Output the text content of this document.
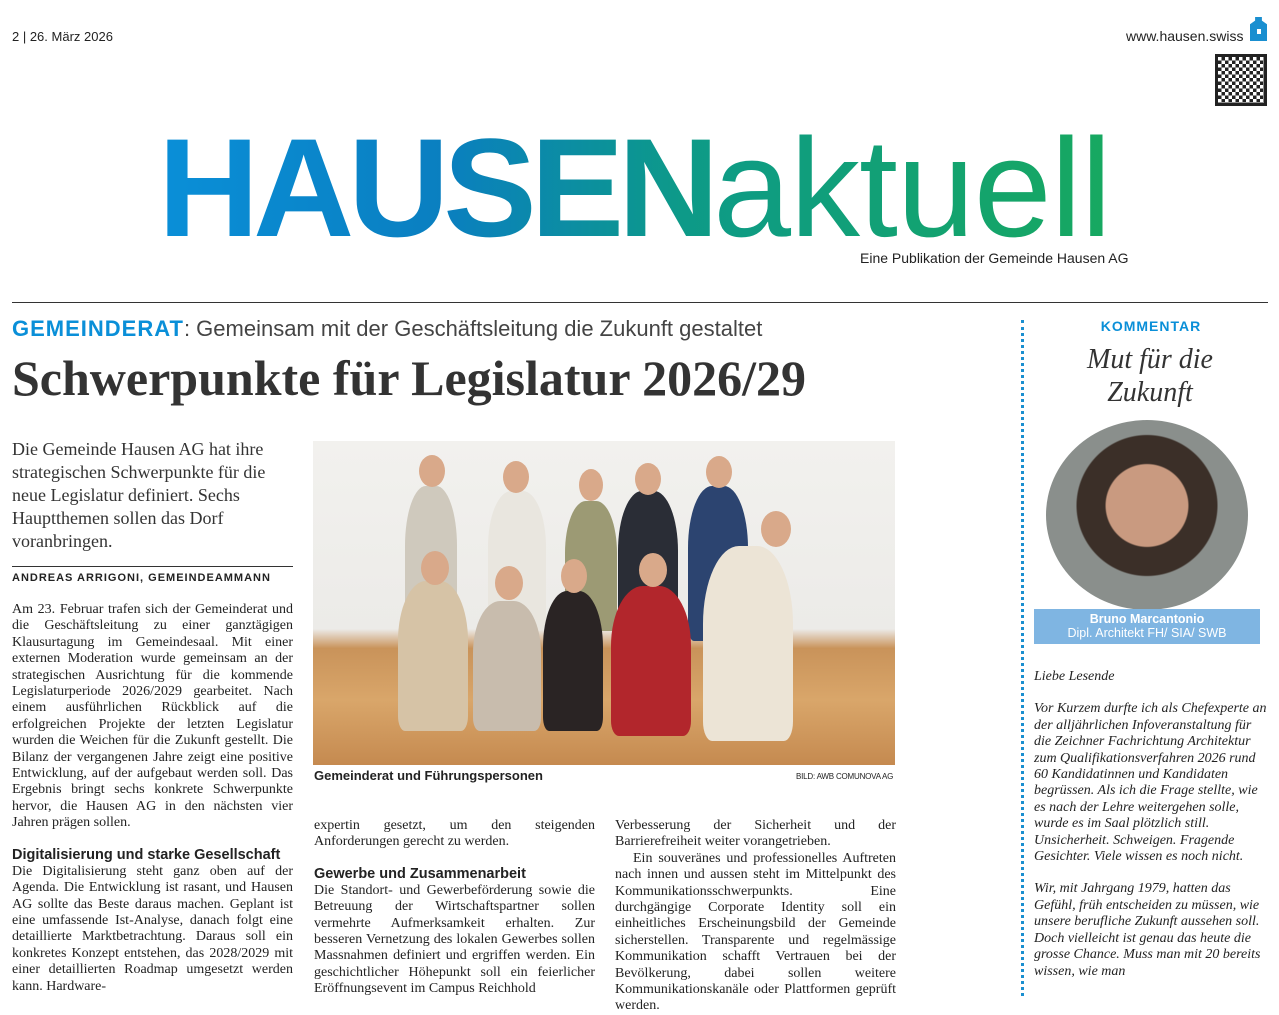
2 | 26. März 2026	www.hausen.swiss
HAUSENaktuell
Eine Publikation der Gemeinde Hausen AG
GEMEINDERAT: Gemeinsam mit der Geschäftsleitung die Zukunft gestaltet
Schwerpunkte für Legislatur 2026/29

Die Gemeinde Hausen AG hat ihre strategischen Schwerpunkte für die neue Legislatur definiert. Sechs Hauptthemen sollen das Dorf voranbringen.

ANDREAS ARRIGONI, GEMEINDEAMMANN
Gemeinderat und Führungspersonen	BILD: AWB COMUNOVA AG

Am 23. Februar trafen sich der Gemeinderat und die Geschäftsleitung zu einer ganztägigen Klausurtagung im Gemeindesaal. Mit einer externen Moderation wurde gemeinsam an der strategischen Ausrichtung für die kommende Legislaturperiode 2026/2029 gearbeitet. Nach einem ausführlichen Rückblick auf die erfolgreichen Projekte der letzten Legislatur wurden die Weichen für die Zukunft gestellt. Die Bilanz der vergangenen Jahre zeigt eine positive Entwicklung, auf der aufgebaut werden soll. Das Ergebnis bringt sechs konkrete Schwerpunkte hervor, die Hausen AG in den nächsten vier Jahren prägen sollen.

Digitalisierung und starke Gesellschaft

Die Digitalisierung steht ganz oben auf der Agenda. Die Entwicklung ist rasant, und Hausen AG sollte das Beste daraus machen. Geplant ist eine umfassende Ist-Analyse, danach folgt eine detaillierte Marktbetrachtung. Daraus soll ein konkretes Konzept entstehen, das 2028/2029 mit einer detaillierten Roadmap umgesetzt werden kann. Hardware-

expertin gesetzt, um den steigenden Anforderungen gerecht zu werden.

Gewerbe und Zusammenarbeit

Die Standort- und Gewerbeförderung sowie die Betreuung der Wirtschaftspartner sollen vermehrte Aufmerksamkeit erhalten. Zur besseren Vernetzung des lokalen Gewerbes sollen Massnahmen definiert und ergriffen werden. Ein geschichtlicher Höhepunkt soll ein feierlicher Eröffnungsevent im Campus Reichhold

Verbesserung der Sicherheit und der Barrierefreiheit weiter vorangetrieben.

Ein souveränes und professionelles Auftreten nach innen und aussen steht im Mittelpunkt des Kommunikationsschwerpunkts. Eine durchgängige Corporate Identity soll ein einheitliches Erscheinungsbild der Gemeinde sicherstellen. Transparente und regelmässige Kommunikation schafft Vertrauen bei der Bevölkerung, dabei sollen weitere Kommunikationskanäle oder Plattformen geprüft werden.

KOMMENTAR
Mut für die Zukunft
Bruno Marcantonio
Dipl. Architekt FH/ SIA/ SWB

Liebe Lesende

Vor Kurzem durfte ich als Chefexperte an der alljährlichen Infoveranstaltung für die Zeichner Fachrichtung Architektur zum Qualifikationsverfahren 2026 rund 60 Kandidatinnen und Kandidaten begrüssen. Als ich die Frage stellte, wie es nach der Lehre weitergehen solle, wurde es im Saal plötzlich still. Unsicherheit. Schweigen. Fragende Gesichter. Viele wissen es noch nicht.

Wir, mit Jahrgang 1979, hatten das Gefühl, früh entscheiden zu müssen, wie unsere berufliche Zukunft aussehen soll. Doch vielleicht ist genau das heute die grosse Chance. Muss man mit 20 bereits wissen, wie man
